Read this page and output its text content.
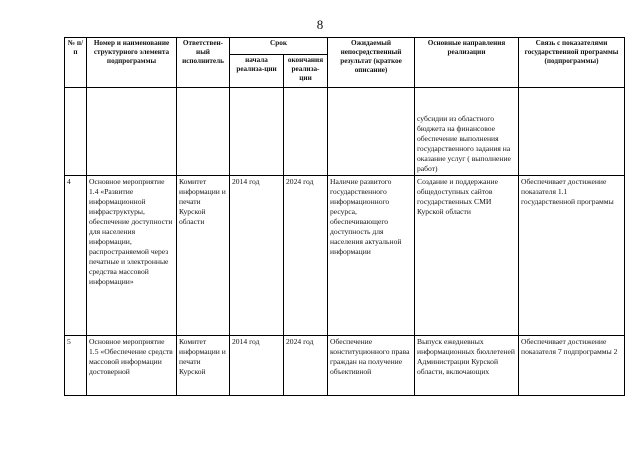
8
№ п/п	Номер и наименование структурного элемента подпрограммы	Ответствен-ный исполнитель	Срок		Ожидаемый непосредственный результат (краткое описание)	Основные направления реализации	Связь с показателями государственной программы (подпрограммы)
			начала реализа-ции	окончания реализа-ции			
						субсидии из областного бюджета на финансовое обеспечение выполнения государственного задания на оказание услуг ( выполнение работ)	
4	Основное мероприятие 1.4 «Развитие информационной инфраструктуры, обеспечение доступности для населения информации, распространяемой через печатные и электронные средства массовой информации»	Комитет информации и печати Курской области	2014 год	2024 год	Наличие развитого государственного информационного ресурса, обеспечивающего доступность для населения актуальной информации	Создание и поддержание общедоступных сайтов государственных СМИ Курской области	Обеспечивает достижение показателя 1.1 государственной программы
5	Основное мероприятие 1.5 «Обеспечение средств массовой информации достоверной	Комитет информации и печати Курской	2014 год	2024 год	Обеспечение конституционного права граждан на получение объективной	Выпуск ежедневных информационных бюллетеней Администрации Курской области, включающих	Обеспечивает достижение показателя 7 подпрограммы 2
